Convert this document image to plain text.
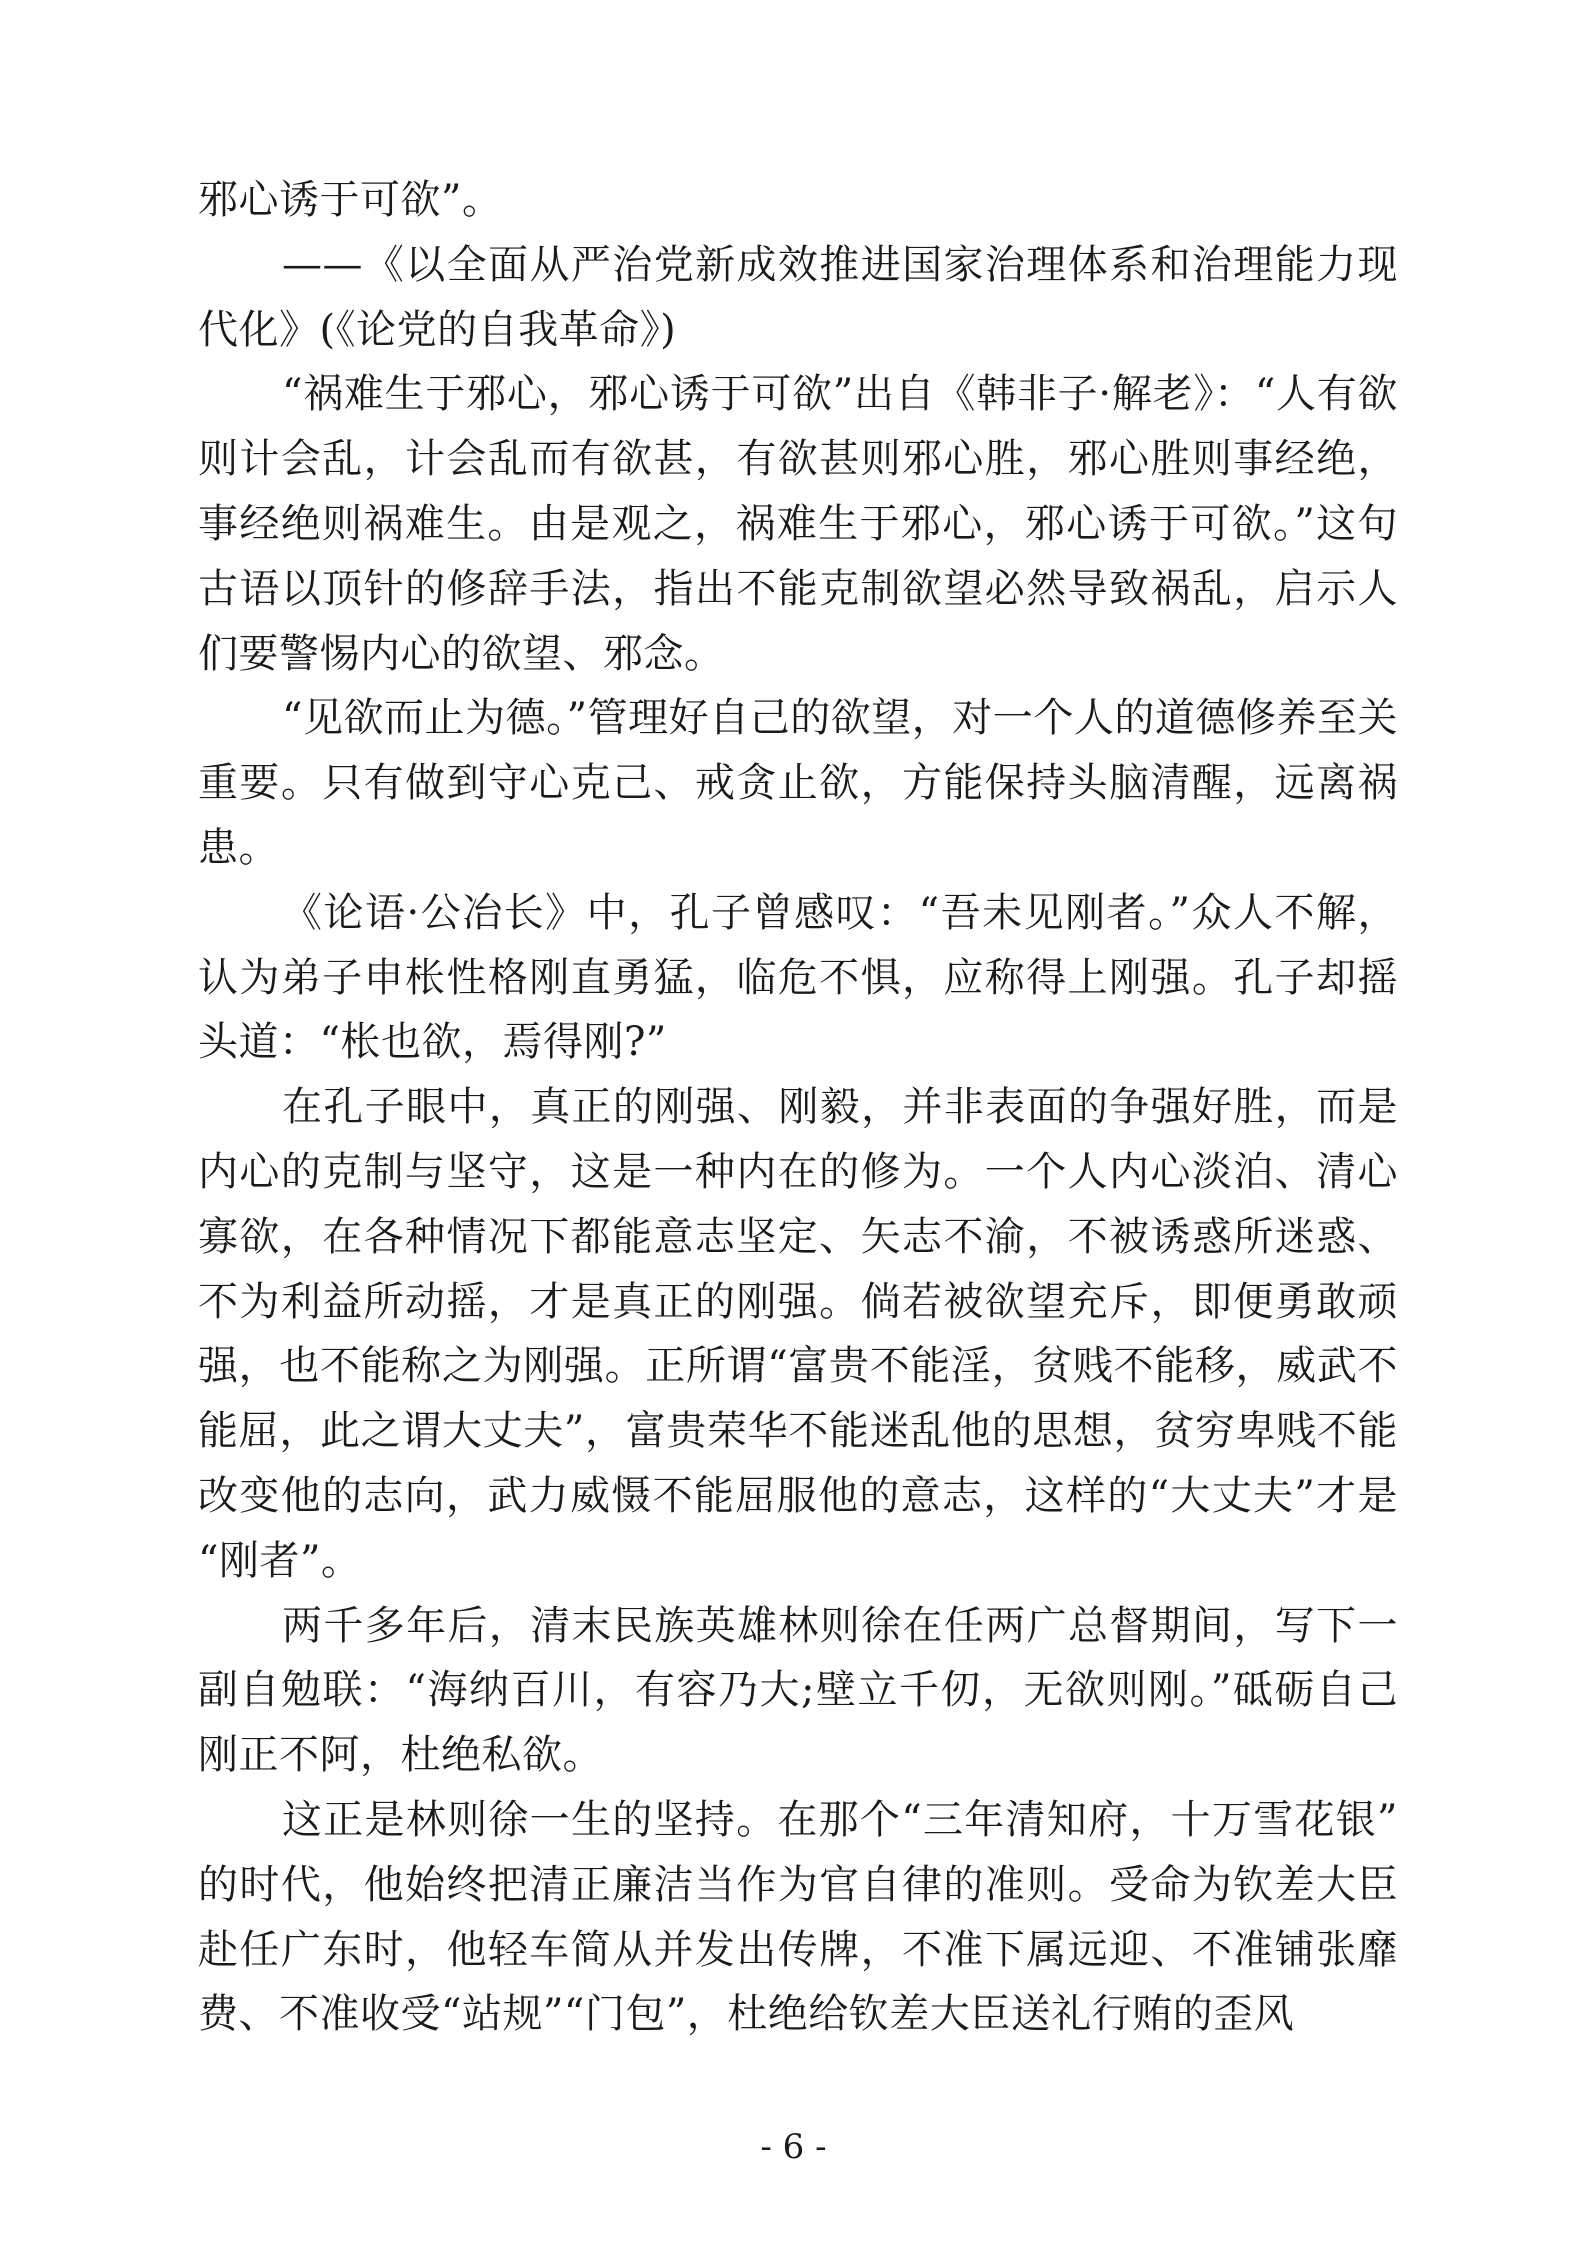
邪心诱于可欲”。

——《以全面从严治党新成效推进国家治理体系和治理能力现代化》(《论党的自我革命》)

“祸难生于邪心，邪心诱于可欲”出自《韩非子·解老》：“人有欲则计会乱，计会乱而有欲甚，有欲甚则邪心胜，邪心胜则事经绝，事经绝则祸难生。由是观之，祸难生于邪心，邪心诱于可欲。”这句古语以顶针的修辞手法，指出不能克制欲望必然导致祸乱，启示人们要警惕内心的欲望、邪念。

“见欲而止为德。”管理好自己的欲望，对一个人的道德修养至关重要。只有做到守心克己、戒贪止欲，方能保持头脑清醒，远离祸患。

《论语·公冶长》中，孔子曾感叹：“吾未见刚者。”众人不解，认为弟子申枨性格刚直勇猛，临危不惧，应称得上刚强。孔子却摇头道：“枨也欲，焉得刚?”

在孔子眼中，真正的刚强、刚毅，并非表面的争强好胜，而是内心的克制与坚守，这是一种内在的修为。一个人内心淡泊、清心寡欲，在各种情况下都能意志坚定、矢志不渝，不被诱惑所迷惑、不为利益所动摇，才是真正的刚强。倘若被欲望充斥，即便勇敢顽强，也不能称之为刚强。正所谓“富贵不能淫，贫贱不能移，威武不能屈，此之谓大丈夫”，富贵荣华不能迷乱他的思想，贫穷卑贱不能改变他的志向，武力威慑不能屈服他的意志，这样的“大丈夫”才是“刚者”。

两千多年后，清末民族英雄林则徐在任两广总督期间，写下一副自勉联：“海纳百川，有容乃大;壁立千仞，无欲则刚。”砥砺自己刚正不阿，杜绝私欲。

这正是林则徐一生的坚持。在那个“三年清知府，十万雪花银”的时代，他始终把清正廉洁当作为官自律的准则。受命为钦差大臣赴任广东时，他轻车简从并发出传牌，不准下属远迎、不准铺张靡费、不准收受“站规”“门包”，杜绝给钦差大臣送礼行贿的歪风

- 6 -
